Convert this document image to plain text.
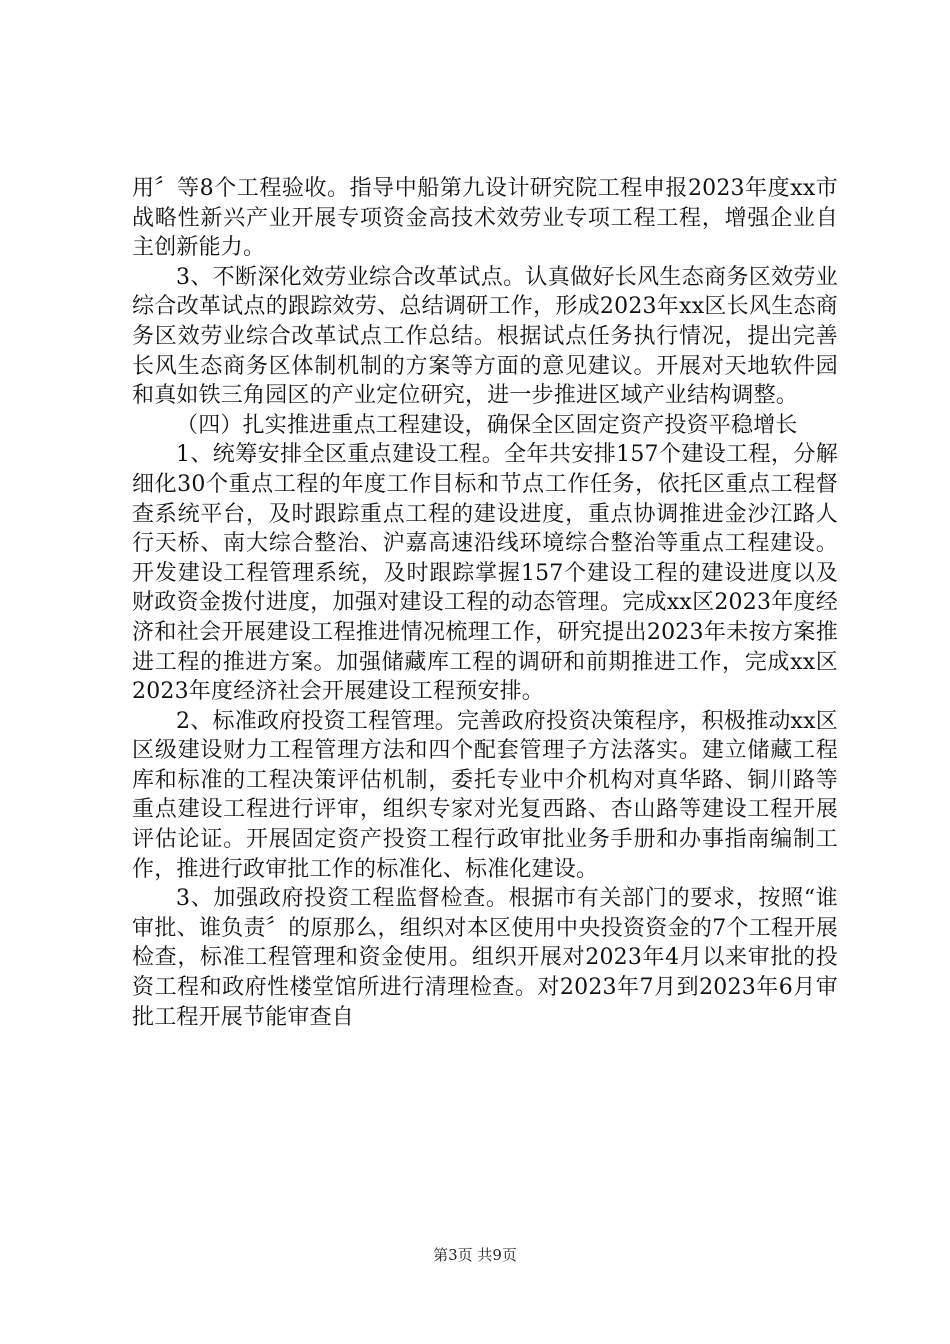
用〞等8个工程验收。指导中船第九设计研究院工程申报2023年度xx市战略性新兴产业开展专项资金高技术效劳业专项工程工程，增强企业自主创新能力。

3、不断深化效劳业综合改革试点。认真做好长风生态商务区效劳业综合改革试点的跟踪效劳、总结调研工作，形成2023年xx区长风生态商务区效劳业综合改革试点工作总结。根据试点任务执行情况，提出完善长风生态商务区体制机制的方案等方面的意见建议。开展对天地软件园和真如铁三角园区的产业定位研究，进一步推进区域产业结构调整。

（四）扎实推进重点工程建设，确保全区固定资产投资平稳增长

1、统筹安排全区重点建设工程。全年共安排157个建设工程，分解细化30个重点工程的年度工作目标和节点工作任务，依托区重点工程督查系统平台，及时跟踪重点工程的建设进度，重点协调推进金沙江路人行天桥、南大综合整治、沪嘉高速沿线环境综合整治等重点工程建设。开发建设工程管理系统，及时跟踪掌握157个建设工程的建设进度以及财政资金拨付进度，加强对建设工程的动态管理。完成xx区2023年度经济和社会开展建设工程推进情况梳理工作，研究提出2023年未按方案推进工程的推进方案。加强储藏库工程的调研和前期推进工作，完成xx区2023年度经济社会开展建设工程预安排。

2、标准政府投资工程管理。完善政府投资决策程序，积极推动xx区区级建设财力工程管理方法和四个配套管理子方法落实。建立储藏工程库和标准的工程决策评估机制，委托专业中介机构对真华路、铜川路等重点建设工程进行评审，组织专家对光复西路、杏山路等建设工程开展评估论证。开展固定资产投资工程行政审批业务手册和办事指南编制工作，推进行政审批工作的标准化、标准化建设。

3、加强政府投资工程监督检查。根据市有关部门的要求，按照“谁审批、谁负责〞的原那么，组织对本区使用中央投资资金的7个工程开展检查，标准工程管理和资金使用。组织开展对2023年4月以来审批的投资工程和政府性楼堂馆所进行清理检查。对2023年7月到2023年6月审批工程开展节能审查自

第3页 共9页
